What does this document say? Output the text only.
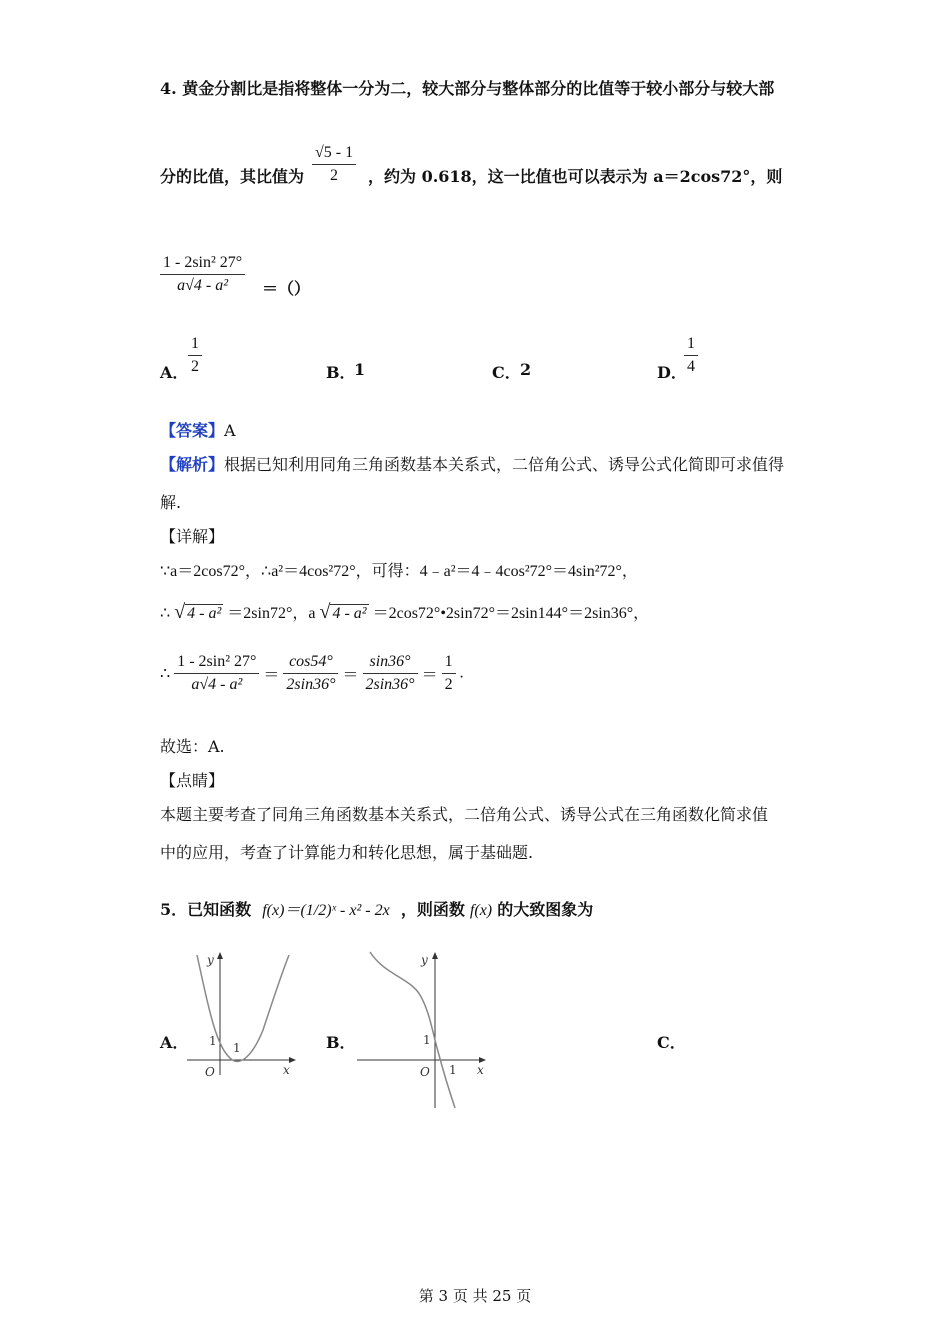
4. 黄金分割比是指将整体一分为二，较大部分与整体部分的比值等于较小部分与较大部
分的比值，其比值为 $\frac{√5 - 1}{2}$ ，约为 0.618，这一比值也可以表示为 a＝2cos72°，则
$\frac{\text{1 - 2sin² 27°}}{\text{a√4 - a²}}$ ＝（）
A． $\frac{1}{2}$	B．
1	C． 2	D．
$\frac{1}{4}$
【答案】A
【解析】根据已知利用同角三角函数基本关系式，二倍角公式、诱导公式化简即可求值得
解.
【详解】
∵a＝2cos72°，∴a²＝4cos²72°，可得：4﹣a²＝4﹣4cos²72°＝4sin²72°，
∴ √ 4 - a² ＝2sin72°，a √ 4 - a² ＝2cos72°•2sin72°＝2sin144°＝2sin36°，
∴ $\frac{\text{1 - 2sin² 27°}}{\text{a√4 - a²}} = \frac{\cos 54^\circ}{2\sin 36^\circ} = \frac{\sin 36^\circ}{2\sin 36^\circ} = \frac{1}{2}$ .
故选：A.
【点睛】
本题主要考查了同角三角函数基本关系式，二倍角公式、诱导公式在三角函数化简求值
中的应用，考查了计算能力和转化思想，属于基础题.
5．已知函数 f(x)＝(1/2)ˣ - x² - 2x ，则函数 f(x) 的大致图象为
A．
y
x
O
1 1	B．
y
x
O
1
1
C．
第 3 页 共 25 页
